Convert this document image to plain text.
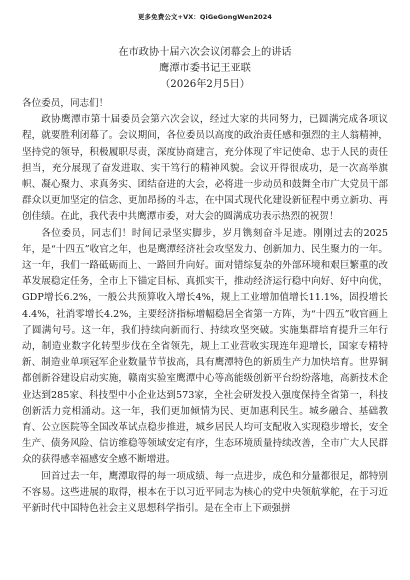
更多免费公文+VX：QiGeGongWen2024
在市政协十届六次会议闭幕会上的讲话
鹰潭市委书记王亚联
（2026年2月5日）
各位委员，同志们！
政协鹰潭市第十届委员会第六次会议，经过大家的共同努力，已圆满完成各项议程，就要胜利闭幕了。会议期间，各位委员以高度的政治责任感和强烈的主人翁精神，坚持党的领导，积极履职尽责，深度协商建言，充分体现了牢记使命、忠于人民的责任担当，充分展现了奋发进取、实干笃行的精神风貌。会议开得很成功，是一次高举旗帜、凝心聚力、求真务实、团结奋进的大会，必将进一步动员和鼓舞全市广大党员干部群众以更加坚定的信念、更加昂扬的斗志，在中国式现代化建设新征程中勇立新功、再创佳绩。在此，我代表中共鹰潭市委，对大会的圆满成功表示热烈的祝贺！
各位委员，同志们！时间记录坚实脚步，岁月镌刻奋斗足迹。刚刚过去的2025年，是“十四五”收官之年，也是鹰潭经济社会攻坚发力、创新加力、民生聚力的一年。这一年，我们一路砥砺而上、一路回升向好。面对错综复杂的外部环境和艰巨繁重的改革发展稳定任务，全市上下锚定目标、真抓实干，推动经济运行稳中向好、好中向优，GDP增长6.2%，一般公共预算收入增长4%，规上工业增加值增长11.1%，固投增长4.4%，社消零增长4.2%，主要经济指标增幅稳居全省第一方阵，为“十四五”收官画上了圆满句号。这一年，我们持续向新而行、持续攻坚突破。实施集群培育提升三年行动，制造业数字化转型步伐在全省领先，规上工业营收实现连年迎增长，国家专精特新、制造业单项冠军企业数量节节拔高，具有鹰潭特色的新质生产力加快培育。世界铜都创新谷建设启动实施，赣南实验室鹰潭中心等高能级创新平台纷纷落地，高新技术企业达到285家、科技型中小企业达到573家，全社会研发投入强度保持全省第一，科技创新活力竞相涌动。这一年，我们更加倾情为民、更加惠利民生。城乡融合、基础教育、公立医院等全国改革试点稳步推进，城乡居民人均可支配收入实现稳步增长，安全生产、债务风险、信访维稳等领域安定有序，生态环境质量持续改善，全市广大人民群众的获得感幸福感安全感不断增进。
回首过去一年，鹰潭取得的每一项成绩、每一点进步，成色和分量都很足，都特别不容易。这些进展的取得，根本在于以习近平同志为核心的党中央领航掌舵，在于习近平新时代中国特色社会主义思想科学指引。是在全市上下顽强拼
